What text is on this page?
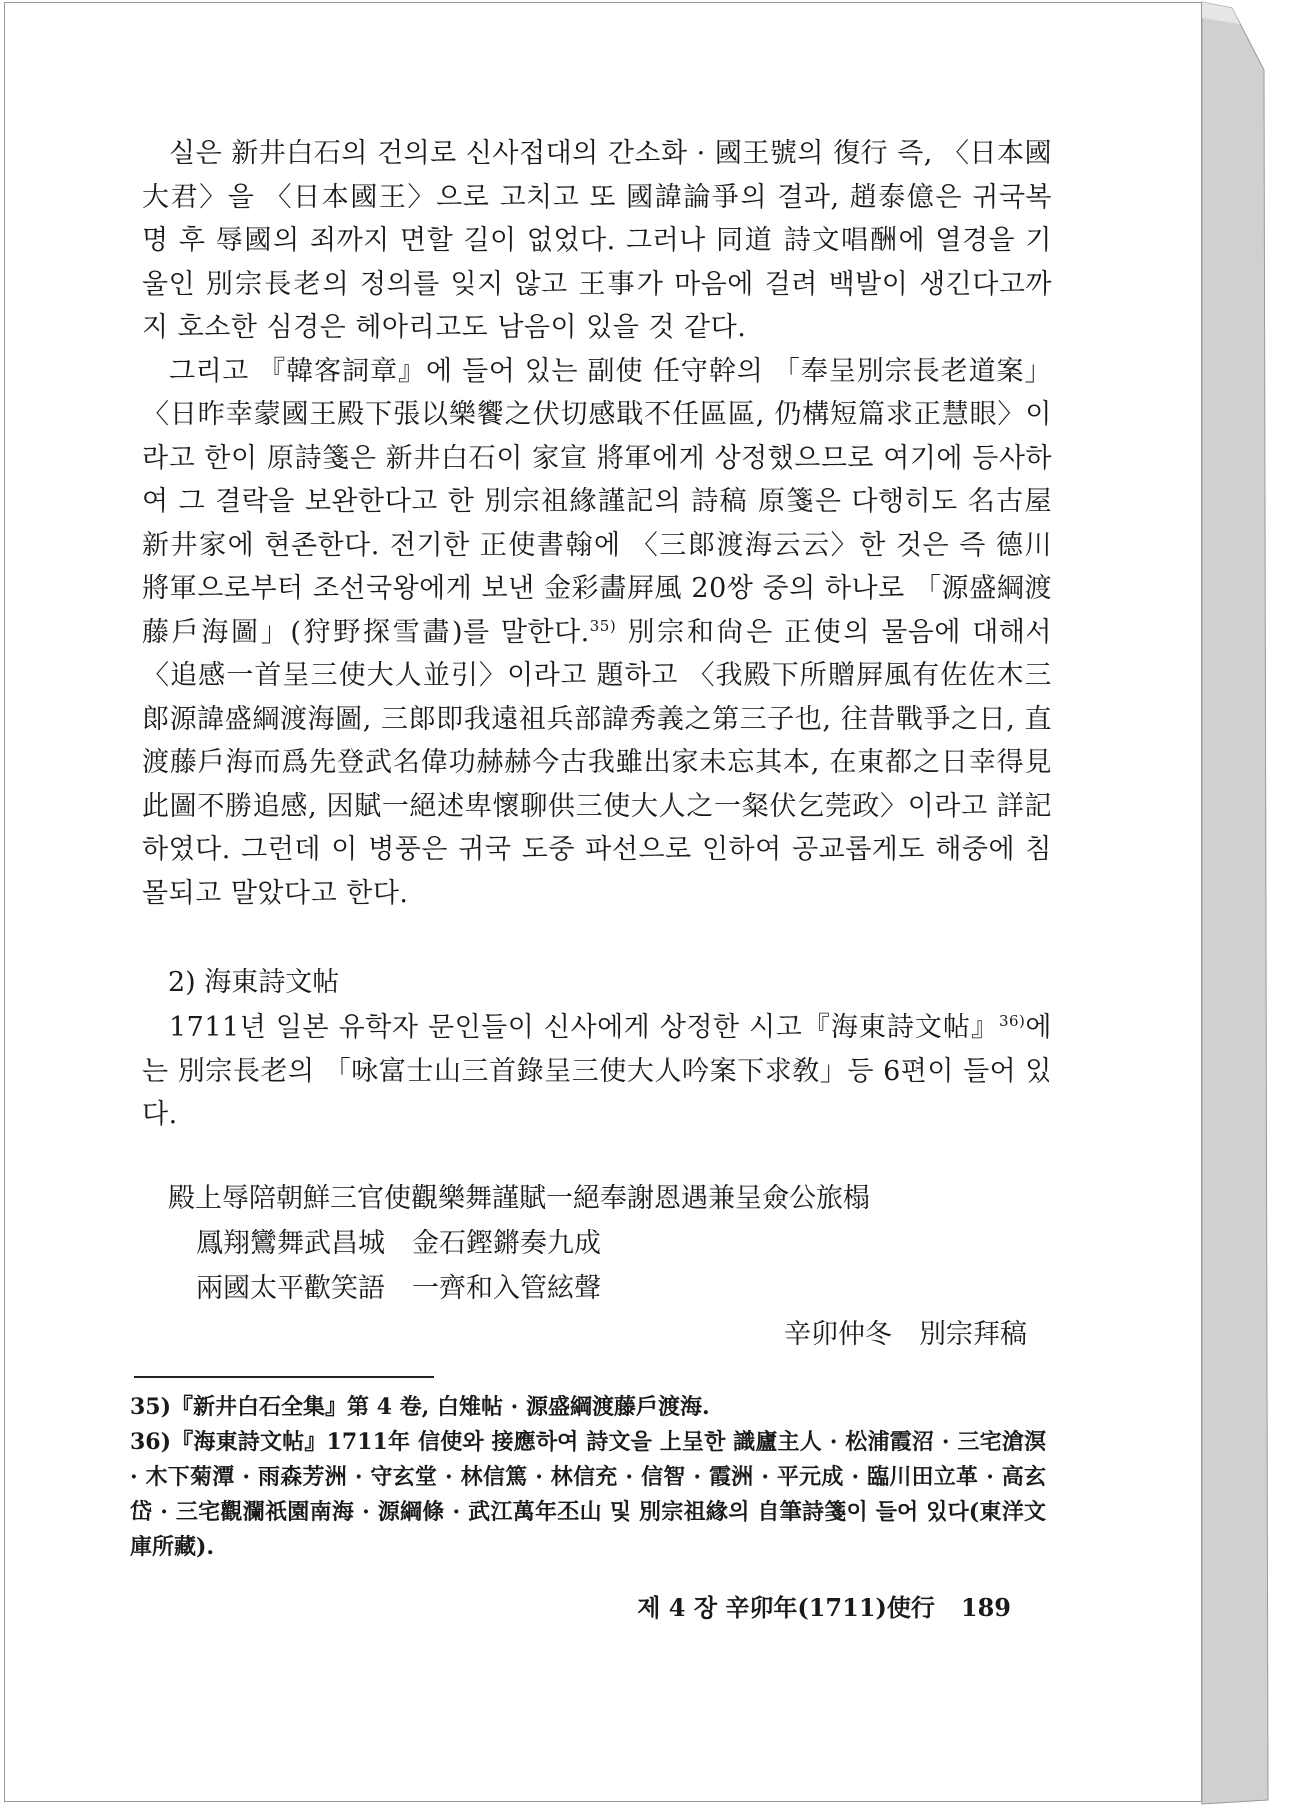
실은 新井白石의 건의로 신사접대의 간소화 · 國王號의 復行 즉, 〈日本國大君〉을 〈日本國王〉으로 고치고 또 國諱論爭의 결과, 趙泰億은 귀국복명 후 辱國의 죄까지 면할 길이 없었다. 그러나 同道 詩文唱酬에 열경을 기울인 別宗長老의 정의를 잊지 않고 王事가 마음에 걸려 백발이 생긴다고까지 호소한 심경은 헤아리고도 남음이 있을 것 같다.

그리고 『韓客詞章』에 들어 있는 副使 任守幹의 「奉呈別宗長老道案」〈日昨幸蒙國王殿下張以樂饗之伏切感戢不任區區, 仍構短篇求正慧眼〉이라고 한이 原詩箋은 新井白石이 家宣 將軍에게 상정했으므로 여기에 등사하여 그 결락을 보완한다고 한 別宗祖緣謹記의 詩稿 原箋은 다행히도 名古屋 新井家에 현존한다. 전기한 正使書翰에 〈三郞渡海云云〉한 것은 즉 德川將軍으로부터 조선국왕에게 보낸 金彩畵屛風 20쌍 중의 하나로 「源盛綱渡藤戶海圖」(狩野探雪畵)를 말한다.$^{35)}$ 別宗和尙은 正使의 물음에 대해서 〈追感一首呈三使大人並引〉이라고 題하고 〈我殿下所贈屛風有佐佐木三郞源諱盛綱渡海圖, 三郞即我遠祖兵部諱秀義之第三子也, 往昔戰爭之日, 直渡藤戶海而爲先登武名偉功赫赫今古我雖出家未忘其本, 在東都之日幸得見此圖不勝追感, 因賦一絕述卑懷聊供三使大人之一粲伏乞莞政〉이라고 詳記하였다. 그런데 이 병풍은 귀국 도중 파선으로 인하여 공교롭게도 해중에 침몰되고 말았다고 한다.

2) 海東詩文帖

1711년 일본 유학자 문인들이 신사에게 상정한 시고『海東詩文帖』$^{36)}$에는 別宗長老의 「咏富士山三首錄呈三使大人吟案下求敎」등 6편이 들어 있다.

殿上辱陪朝鮮三官使觀樂舞謹賦一絕奉謝恩遇兼呈僉公旅榻
鳳翔鸞舞武昌城　金石鏗鏘奏九成
兩國太平歡笑語　一齊和入管絃聲
辛卯仲冬　別宗拜稿

35)『新井白石全集』第 4 卷, 白雉帖 · 源盛綱渡藤戶渡海.

36)『海東詩文帖』1711年 信使와 接應하여 詩文을 上呈한 識廬主人 · 松浦霞沼 · 三宅滄溟 · 木下菊潭 · 雨森芳洲 · 守玄堂 · 林信篤 · 林信充 · 信智 · 霞洲 · 平元成 · 臨川田立革 · 高玄岱 · 三宅觀瀾祇園南海 · 源綱條 · 武江萬年丕山 및 別宗祖緣의 自筆詩箋이 들어 있다(東洋文庫所藏).

제 4 장 辛卯年(1711)使行 189
